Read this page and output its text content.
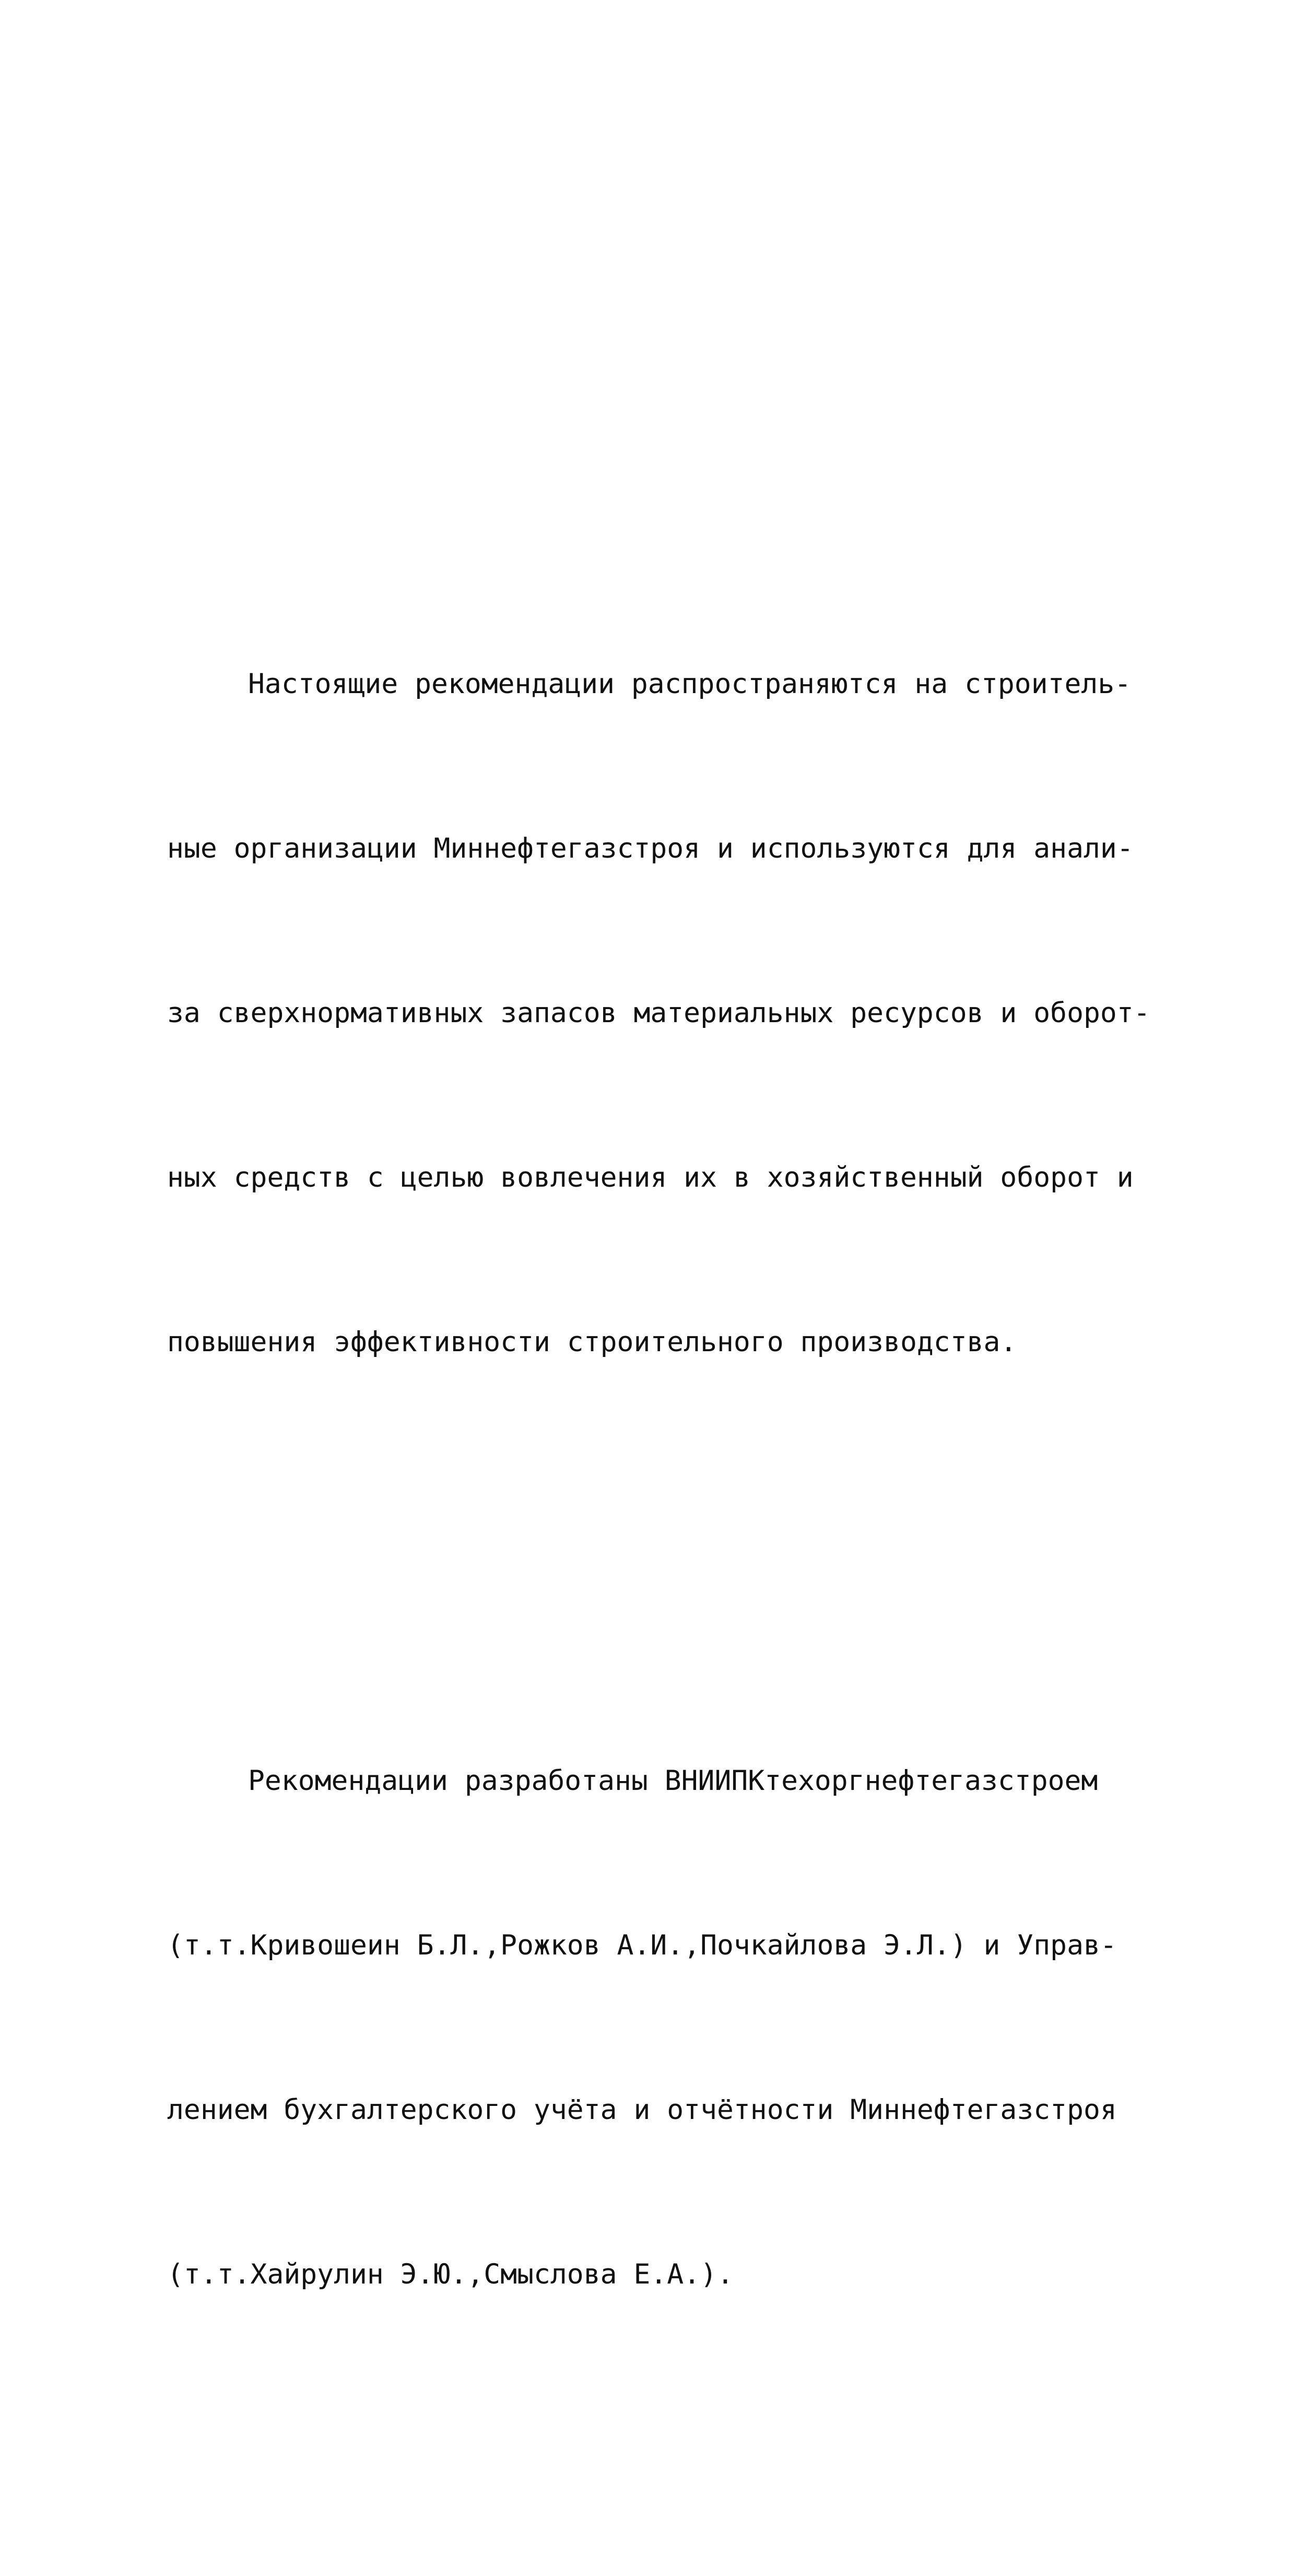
Настоящие рекомендации распространяются на строитель-

ные организации Миннефтегазстроя и используются для анали-

за сверхнормативных запасов материальных ресурсов и оборот-

ных средств с целью вовлечения их в хозяйственный оборот и

повышения эффективности строительного производства.

Рекомендации разработаны ВНИИПКтехоргнефтегазстроем

(т.т.Кривошеин Б.Л.,Рожков А.И.,Почкайлова Э.Л.) и Управ-

лением бухгалтерского учёта и отчётности Миннефтегазстроя

(т.т.Хайрулин Э.Ю.,Смыслова Е.А.).
